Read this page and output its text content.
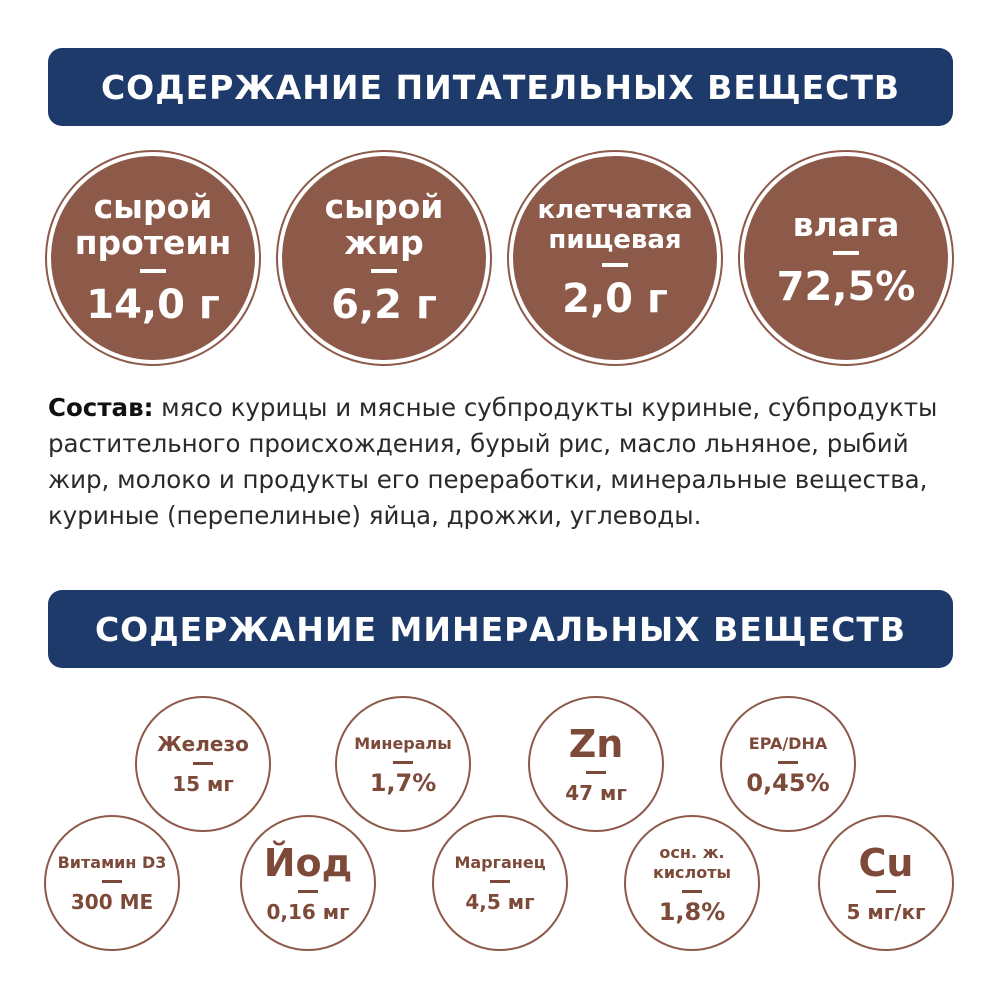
СОДЕРЖАНИЕ ПИТАТЕЛЬНЫХ ВЕЩЕСТВ
сырой
протеин
14,0 г
сырой
жир
6,2 г
клетчатка
пищевая
2,0 г
влага
72,5%
Состав: мясо курицы и мясные субпродукты куриные, субпродукты растительного происхождения, бурый рис, масло льняное, рыбий жир, молоко и продукты его переработки, минеральные вещества, куриные (перепелиные) яйца, дрожжи, углеводы.
СОДЕРЖАНИЕ МИНЕРАЛЬНЫХ ВЕЩЕСТВ
Железо
15 мг
Минералы
1,7%
Zn
47 мг
EPA/DHA
0,45%
Витамин D3
300 МЕ
Йод
0,16 мг
Марганец
4,5 мг
осн. ж.
кислоты
1,8%
Cu
5 мг/кг
